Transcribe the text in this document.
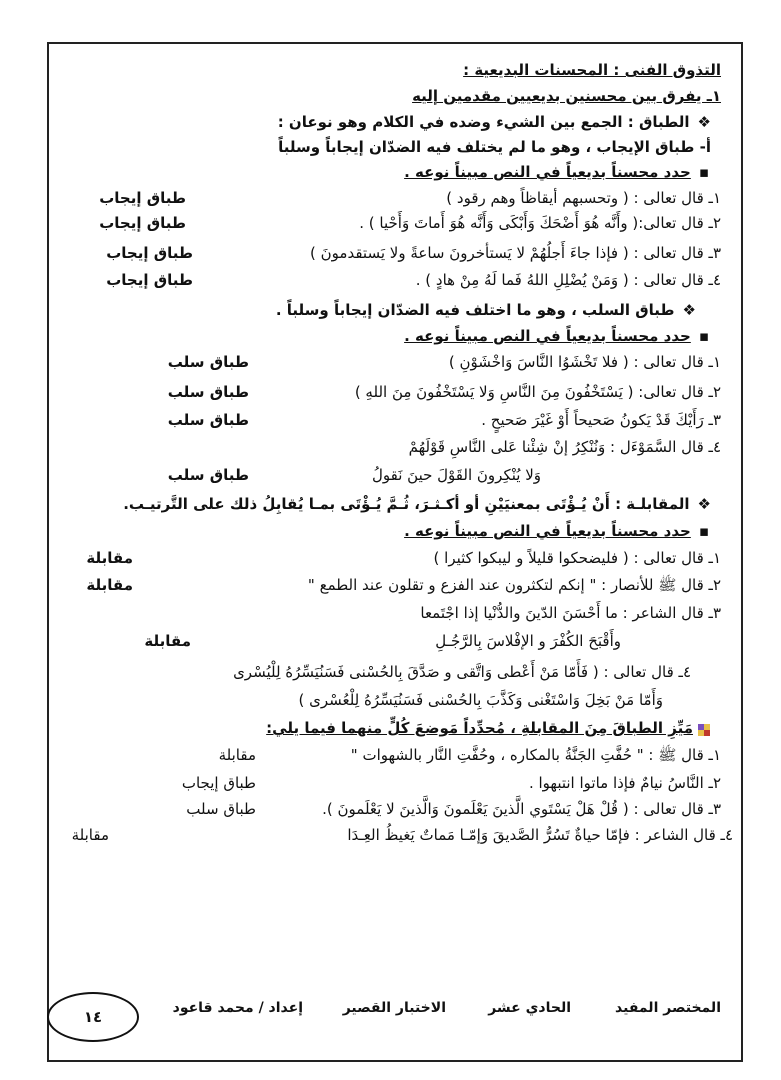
التذوق الفنى : المحسنات البديعية :
١ـ يفرق بين محسنين بديعيين مقدمين إليه
❖الطباق : الجمع بين الشيء وضده في الكلام وهو نوعان :
أ- طباق الإيجاب ، وهو ما لم يختلف فيه الضدّان إيجاباً وسلباً
▪حدد محسناً بديعياً في النص مبيناً نوعه .
١ـ قال تعالى : ( وتحسبهم أيقاظاً وهم رقود )
طباق إيجاب
٢ـ قال تعالى:( وأَنَّه هُوَ أَضْحَكَ وَأَبْكَى وَأَنَّه هُوَ أَماتَ وَأَحْيا ) .
طباق إيجاب
٣ـ قال تعالى : ( فإذا جاءَ أَجلُهُمْ لا يَستأخرونَ ساعةً ولا يَستقدمونَ )
طباق إيجاب
٤ـ قال تعالى : ( وَمَنْ يُضْلِلِ اللهُ فَما لَهُ مِنْ هادٍ ) .
طباق إيجاب
❖طباق السلب ، وهو ما اختلف فيه الضدّان إيجاباً وسلباً .
▪حدد محسناً بديعياً في النص مبيناً نوعه .
١ـ قال تعالى : ( فلا تَخْشَوُا النَّاسَ وَاخْشَوْنِ )
طباق سلب
٢ـ قال تعالى: ( يَسْتَخْفُونَ مِنَ النَّاسِ وَلا يَسْتَخْفُونَ مِنَ اللهِ )
طباق سلب
٣ـ رَأَيْكَ قَدْ يَكونُ صَحيحاً أَوْ غَيْرَ صَحيحٍ .
طباق سلب
٤ـ قال السَّمَوْءَل : وَنُنْكِرُ إنْ شِئْنا عَلى النَّاسِ قَوْلَهُمْ
وَلا يُنْكِرونَ القَوْلَ حينَ نَقولُ
طباق سلب
❖المقابلـة : أَنْ يُـؤْتَى بمعنيَيْنِ أو أكـثـرَ، ثُـمَّ يُـؤْتَى بمـا يُقابِلُ ذلك على التَّرتيـب.
▪حدد محسناً بديعياً في النص مبيناً نوعه .
١ـ قال تعالى : ( فليضحكوا قليلاً و ليبكوا كثيرا )
مقابلة
٢ـ قال ﷺ للأنصار : " إنكم لتكثرون عند الفزع و تقلون عند الطمع "
مقابلة
٣ـ قال الشاعر : ما أَحْسَنَ الدّينَ والدُّنْيا إذا اجْتَمعا
وأَقْبَحَ الكُفْرَ و الإفْلاسَ بِالرَّجُـلِ
مقابلة
٤ـ قال تعالى : ( فَأَمّا مَنْ أَعْطى وَاتَّقى و صَدَّقَ بِالحُسْنى فَسَنُيَسِّرُهُ لِلْيُسْرى
وَأَمّا مَنْ بَخِلَ وَاسْتَغْنى وَكَذَّبَ بِالحُسْنى فَسَنُيَسِّرُهُ لِلْعُسْرى )
مَيِّزِ الطباقَ مِنَ المقابلةِ ، مُحدِّداً مَوضعَ كُلٍّ منهما فيما يلي:
١ـ قال ﷺ : " حُفَّتِ الجَنَّةُ بالمكاره ، وحُفَّتِ النَّار بالشهوات "
مقابلة
٢ـ النَّاسُ نيامٌ فإذا ماتوا انتبهوا .
طباق إيجاب
٣ـ قال تعالى : ( قُلْ هَلْ يَسْتَوي الَّذينَ يَعْلَمونَ وَالَّذينَ لا يَعْلَمونَ ).
طباق سلب
٤ـ قال الشاعر : فإمّا حياةٌ تَسُرُّ الصَّديقَ وَإمّـا مَماتٌ يَغيظُ العِـدَا
مقابلة
المختصر المفيد
الحادي عشر
الاختبار القصير
إعداد / محمد قاعود
١٤
